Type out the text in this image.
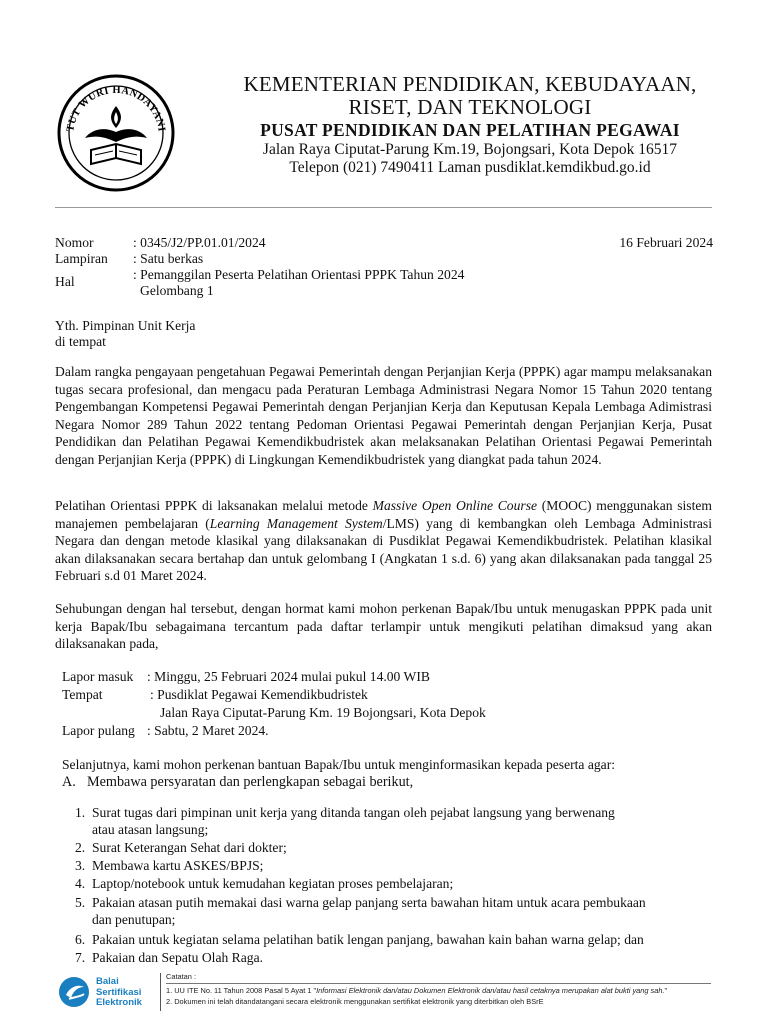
TUT WURI HANDAYANI
KEMENTERIAN PENDIDIKAN, KEBUDAYAAN,
RISET, DAN TEKNOLOGI
PUSAT PENDIDIKAN DAN PELATIHAN PEGAWAI
Jalan Raya Ciputat-Parung Km.19, Bojongsari, Kota Depok 16517
Telepon (021) 7490411 Laman pusdiklat.kemdikbud.go.id
Nomor	: 0345/J2/PP.01.01/2024	16 Februari 2024
Lampiran : Satu berkas
Hal	: Pemanggilan Peserta Pelatihan Orientasi PPPK Tahun 2024
Gelombang 1
Yth. Pimpinan Unit Kerja
di tempat

Dalam rangka pengayaan pengetahuan Pegawai Pemerintah dengan Perjanjian Kerja (PPPK) agar mampu melaksanakan tugas secara profesional, dan mengacu pada Peraturan Lembaga Administrasi Negara Nomor 15 Tahun 2020 tentang Pengembangan Kompetensi Pegawai Pemerintah dengan Perjanjian Kerja dan Keputusan Kepala Lembaga Adimistrasi Negara Nomor 289 Tahun 2022 tentang Pedoman Orientasi Pegawai Pemerintah dengan Perjanjian Kerja, Pusat Pendidikan dan Pelatihan Pegawai Kemendikbudristek akan melaksanakan Pelatihan Orientasi Pegawai Pemerintah dengan Perjanjian Kerja (PPPK) di Lingkungan Kemendikbudristek yang diangkat pada tahun 2024.

Pelatihan Orientasi PPPK di laksanakan melalui metode Massive Open Online Course (MOOC) menggunakan sistem manajemen pembelajaran (Learning Management System/LMS) yang di kembangkan oleh Lembaga Administrasi Negara dan dengan metode klasikal yang dilaksanakan di Pusdiklat Pegawai Kemendikbudristek. Pelatihan klasikal akan dilaksanakan secara bertahap dan untuk gelombang I (Angkatan 1 s.d. 6) yang akan dilaksanakan pada tanggal 25 Februari s.d 01 Maret 2024.

Sehubungan dengan hal tersebut, dengan hormat kami mohon perkenan Bapak/Ibu untuk menugaskan PPPK pada unit kerja Bapak/Ibu sebagaimana tercantum pada daftar terlampir untuk mengikuti pelatihan dimaksud yang akan dilaksanakan pada,

Lapor masuk : Minggu, 25 Februari 2024 mulai pukul 14.00 WIB
Tempat	: Pusdiklat Pegawai Kemendikbudristek
Jalan Raya Ciputat-Parung Km. 19 Bojongsari, Kota Depok
Lapor pulang : Sabtu, 2 Maret 2024.
Selanjutnya, kami mohon perkenan bantuan Bapak/Ibu untuk menginformasikan kepada peserta agar:
A. Membawa persyaratan dan perlengkapan sebagai berikut,
1. Surat tugas dari pimpinan unit kerja yang ditanda tangan oleh pejabat langsung yang berwenang
atau atasan langsung;
2. Surat Keterangan Sehat dari dokter;
3. Membawa kartu ASKES/BPJS;
4. Laptop/notebook untuk kemudahan kegiatan proses pembelajaran;
5. Pakaian atasan putih memakai dasi warna gelap panjang serta bawahan hitam untuk acara pembukaan
dan penutupan;
6. Pakaian untuk kegiatan selama pelatihan batik lengan panjang, bawahan kain bahan warna gelap; dan
7. Pakaian dan Sepatu Olah Raga.
Balai
Sertifikasi
Elektronik
Catatan :
1. UU ITE No. 11 Tahun 2008 Pasal 5 Ayat 1 "Informasi Elektronik dan/atau Dokumen Elektronik dan/atau hasil cetaknya merupakan alat bukti yang sah."
2. Dokumen ini telah ditandatangani secara elektronik menggunakan sertifikat elektronik yang diterbitkan oleh BSrE
